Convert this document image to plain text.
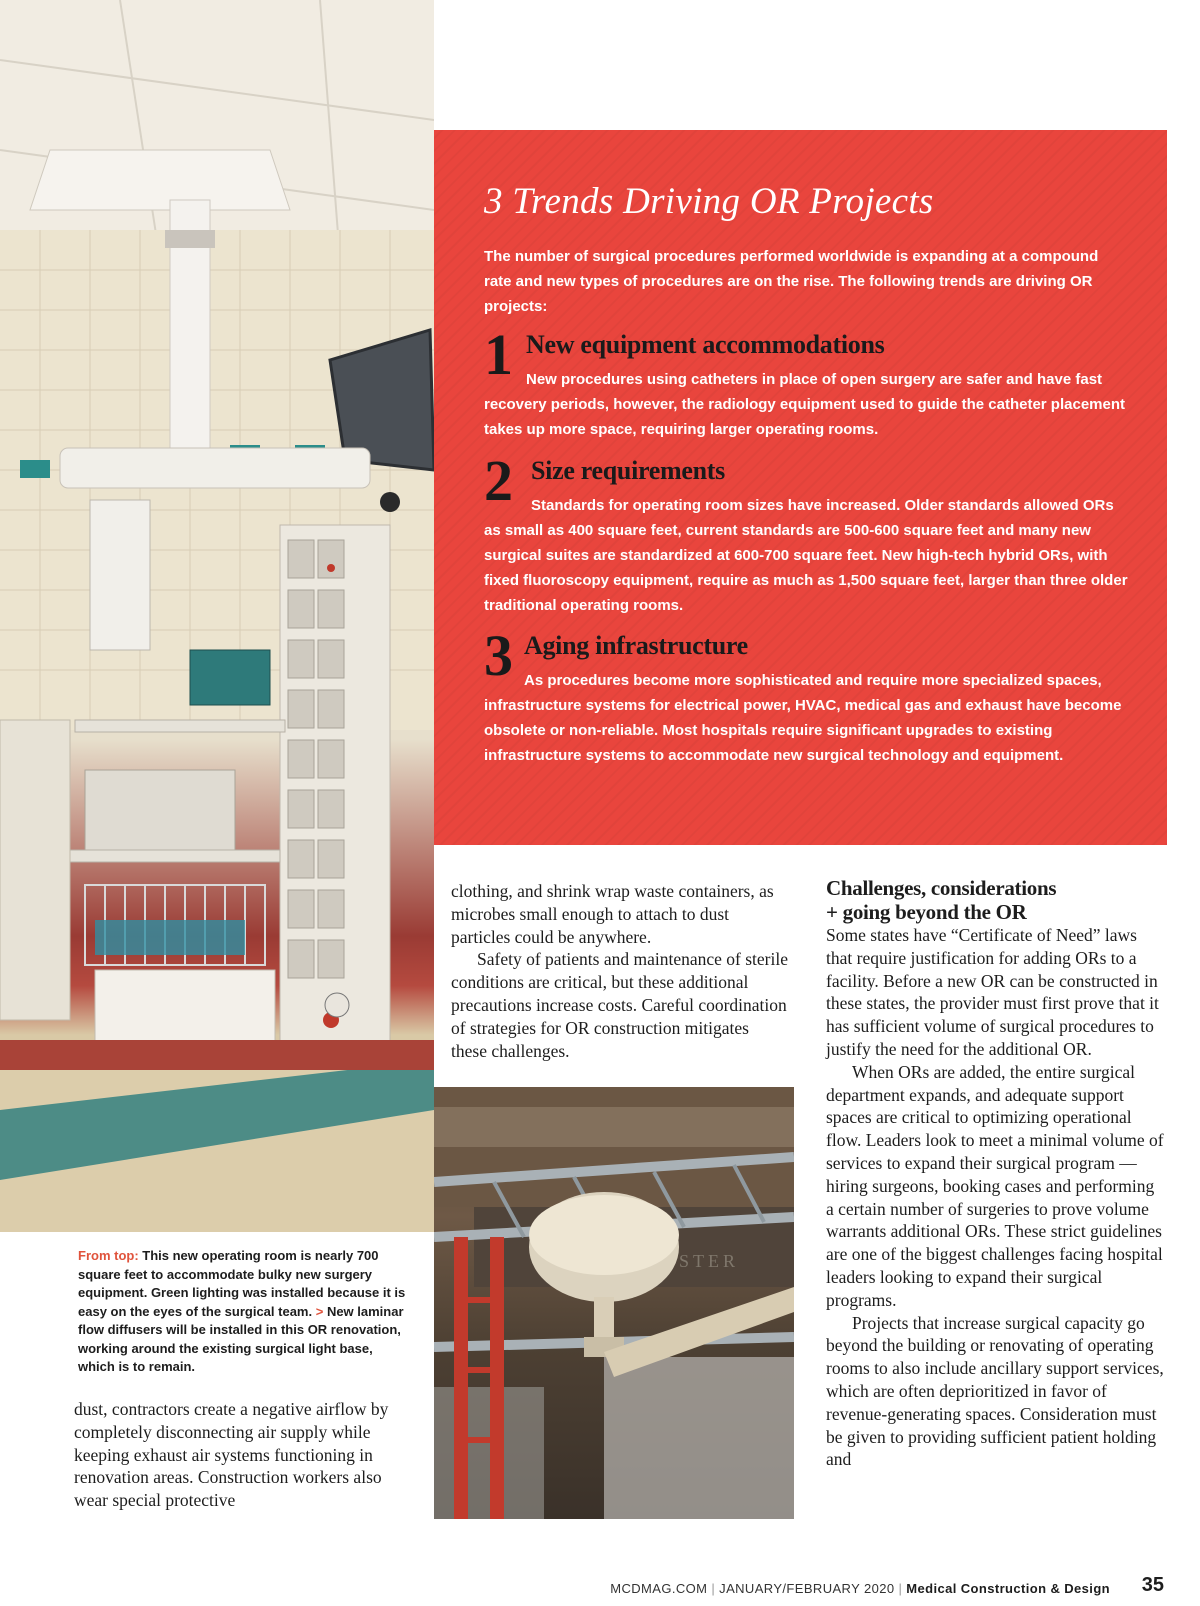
3 Trends Driving OR Projects

The number of surgical procedures performed worldwide is expanding at a compound rate and new types of procedures are on the rise. The following trends are driving OR projects:

1 New equipment accommodations

New procedures using catheters in place of open surgery are safer and have fast recovery periods, however, the radiology equipment used to guide the catheter placement takes up more space, requiring larger operating rooms.

2 Size requirements

Standards for operating room sizes have increased. Older standards allowed ORs as small as 400 square feet, current standards are 500-600 square feet and many new surgical suites are standardized at 600-700 square feet. New high-tech hybrid ORs, with fixed fluoroscopy equipment, require as much as 1,500 square feet, larger than three older traditional operating rooms.

3 Aging infrastructure

As procedures become more sophisticated and require more specialized spaces, infrastructure systems for electrical power, HVAC, medical gas and exhaust have become obsolete or non-reliable. Most hospitals require significant upgrades to existing infrastructure systems to accommodate new surgical technology and equipment.

clothing, and shrink wrap waste containers, as microbes small enough to attach to dust particles could be anywhere.

Safety of patients and maintenance of sterile conditions are critical, but these additional precautions increase costs. Careful coordination of strategies for OR construction mitigates these challenges.

From top: This new operating room is nearly 700 square feet to accommodate bulky new surgery equipment. Green lighting was installed because it is easy on the eyes of the surgical team. > New laminar flow diffusers will be installed in this OR renovation, working around the existing surgical light base, which is to remain.

dust, contractors create a negative airflow by completely disconnecting air supply while keeping exhaust air systems functioning in renovation areas. Construction workers also wear special protective

STER
Challenges, considerations
+ going beyond the OR

Some states have “Certificate of Need” laws that require justification for adding ORs to a facility. Before a new OR can be constructed in these states, the provider must first prove that it has sufficient volume of surgical procedures to justify the need for the additional OR.

When ORs are added, the entire surgical department expands, and adequate support spaces are critical to optimizing operational flow. Leaders look to meet a minimal volume of services to expand their surgical program — hiring surgeons, booking cases and performing a certain number of surgeries to prove volume warrants additional ORs. These strict guidelines are one of the biggest challenges facing hospital leaders looking to expand their surgical programs.

Projects that increase surgical capacity go beyond the building or renovating of operating rooms to also include ancillary support services, which are often deprioritized in favor of revenue-generating spaces. Consideration must be given to providing sufficient patient holding and

MCDMAG.COM | JANUARY/FEBRUARY 2020 | Medical Construction & Design 35
